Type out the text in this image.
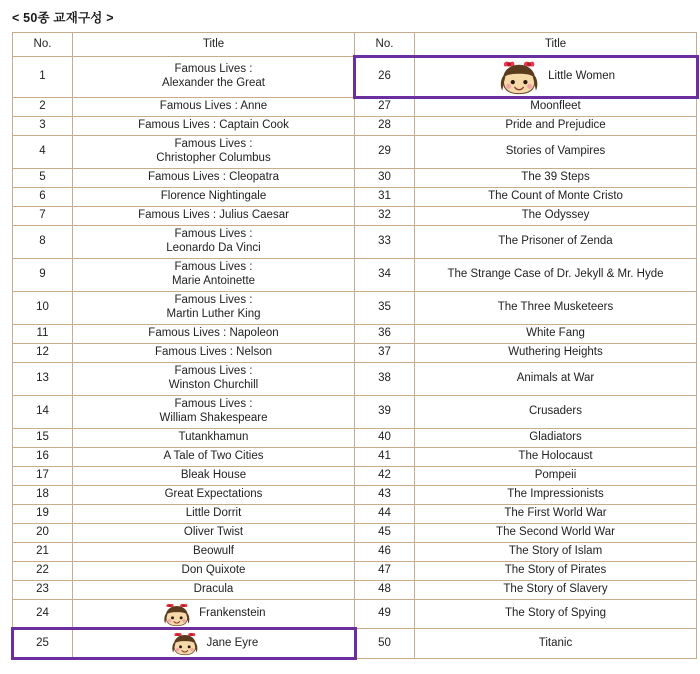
< 50종 교재구성 >
No.	Title	No.	Title
1	Famous Lives :
Alexander the Great	26	Little Women

2	Famous Lives : Anne	27	Moonfleet

3	Famous Lives : Captain Cook	28	Pride and Prejudice

4	Famous Lives :
Christopher Columbus	29	Stories of Vampires

5	Famous Lives : Cleopatra	30	The 39 Steps

6	Florence Nightingale	31	The Count of Monte Cristo

7	Famous Lives : Julius Caesar	32	The Odyssey

8	Famous Lives :
Leonardo Da Vinci	33	The Prisoner of Zenda

9	Famous Lives :
Marie Antoinette	34	The Strange Case of Dr. Jekyll & Mr. Hyde

10	Famous Lives :
Martin Luther King	35	The Three Musketeers

11	Famous Lives : Napoleon	36	White Fang

12	Famous Lives : Nelson	37	Wuthering Heights

13	Famous Lives :
Winston Churchill	38	Animals at War

14	Famous Lives :
William Shakespeare	39	Crusaders

15	Tutankhamun	40	Gladiators

16	A Tale of Two Cities	41	The Holocaust

17	Bleak House	42	Pompeii

18	Great Expectations	43	The Impressionists

19	Little Dorrit	44	The First World War

20	Oliver Twist	45	The Second World War

21	Beowulf	46	The Story of Islam

22	Don Quixote	47	The Story of Pirates

23	Dracula	48	The Story of Slavery

24	Frankenstein	49	The Story of Spying

25	Jane Eyre	50	Titanic
